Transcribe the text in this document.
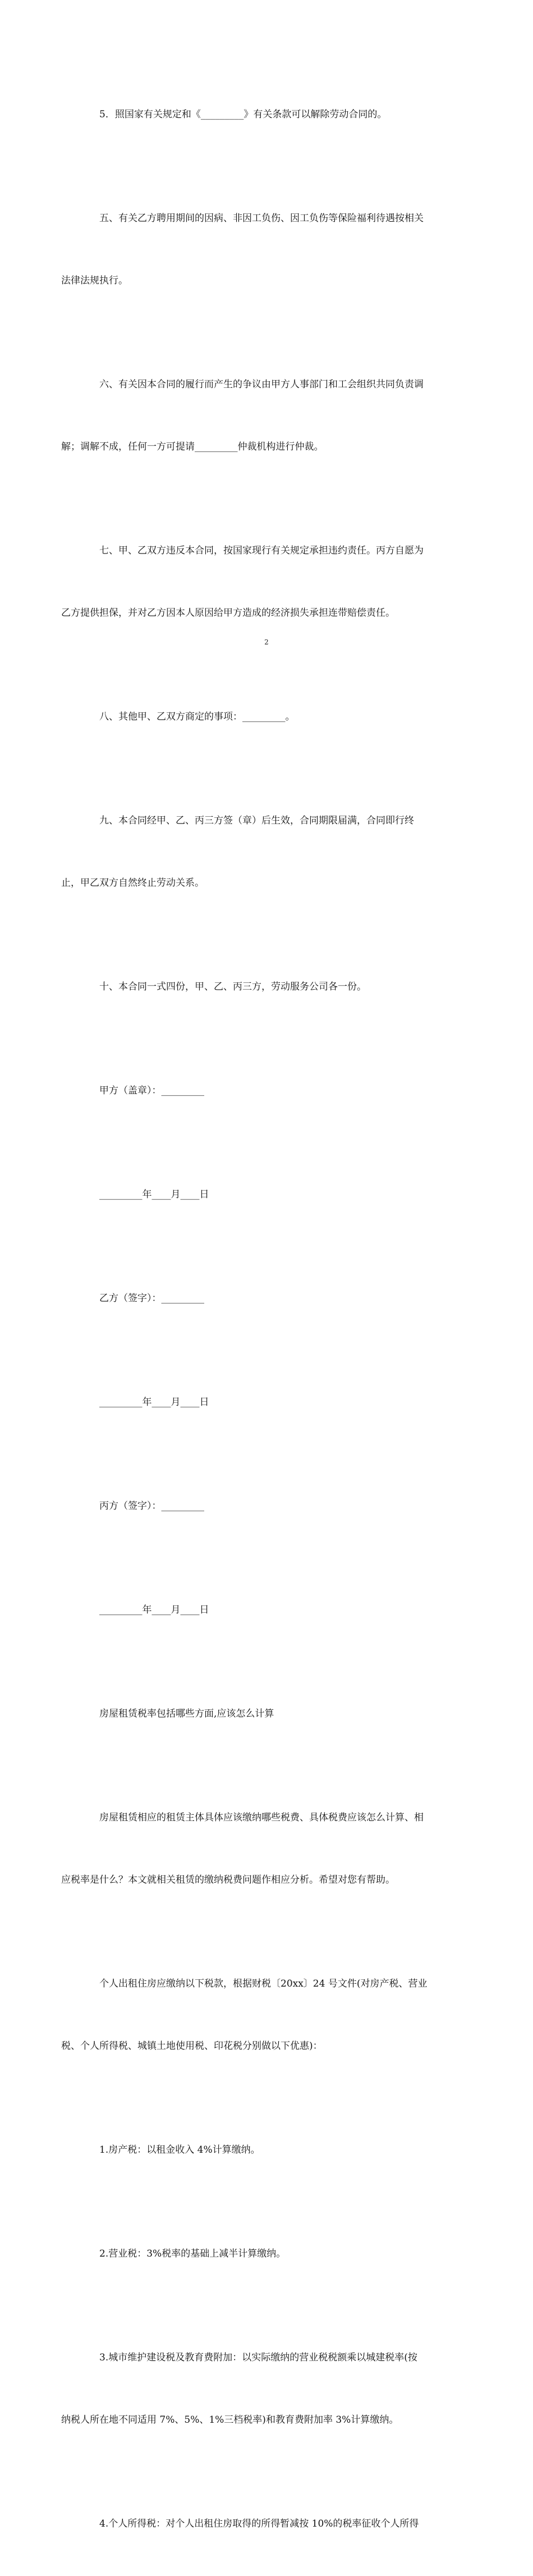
5．照国家有关规定和《_________》有关条款可以解除劳动合同的。

五、有关乙方聘用期间的因病、非因工负伤、因工负伤等保险福利待遇按相关

法律法规执行。

六、有关因本合同的履行而产生的争议由甲方人事部门和工会组织共同负责调

解；调解不成，任何一方可提请_________仲裁机构进行仲裁。

七、甲、乙双方违反本合同，按国家现行有关规定承担违约责任。丙方自愿为

乙方提供担保，并对乙方因本人原因给甲方造成的经济损失承担连带赔偿责任。

八、其他甲、乙双方商定的事项：_________。

九、本合同经甲、乙、丙三方签（章）后生效，合同期限届满，合同即行终

止，甲乙双方自然终止劳动关系。

十、本合同一式四份，甲、乙、丙三方，劳动服务公司各一份。

甲方（盖章）：_________

_________年____月____日

乙方（签字）：_________

_________年____月____日

丙方（签字）：_________

_________年____月____日

房屋租赁税率包括哪些方面,应该怎么计算

房屋租赁相应的租赁主体具体应该缴纳哪些税费、具体税费应该怎么计算、相

应税率是什么？本文就相关租赁的缴纳税费问题作相应分析。希望对您有帮助。

个人出租住房应缴纳以下税款，根据财税〔20xx〕24 号文件(对房产税、营业

税、个人所得税、城镇土地使用税、印花税分别做以下优惠)：

1.房产税：以租金收入 4%计算缴纳。

2.营业税：3%税率的基础上减半计算缴纳。

3.城市维护建设税及教育费附加：以实际缴纳的营业税税额乘以城建税率(按

纳税人所在地不同适用 7%、5%、1%三档税率)和教育费附加率 3%计算缴纳。

4.个人所得税：对个人出租住房取得的所得暂减按 10%的税率征收个人所得

2
